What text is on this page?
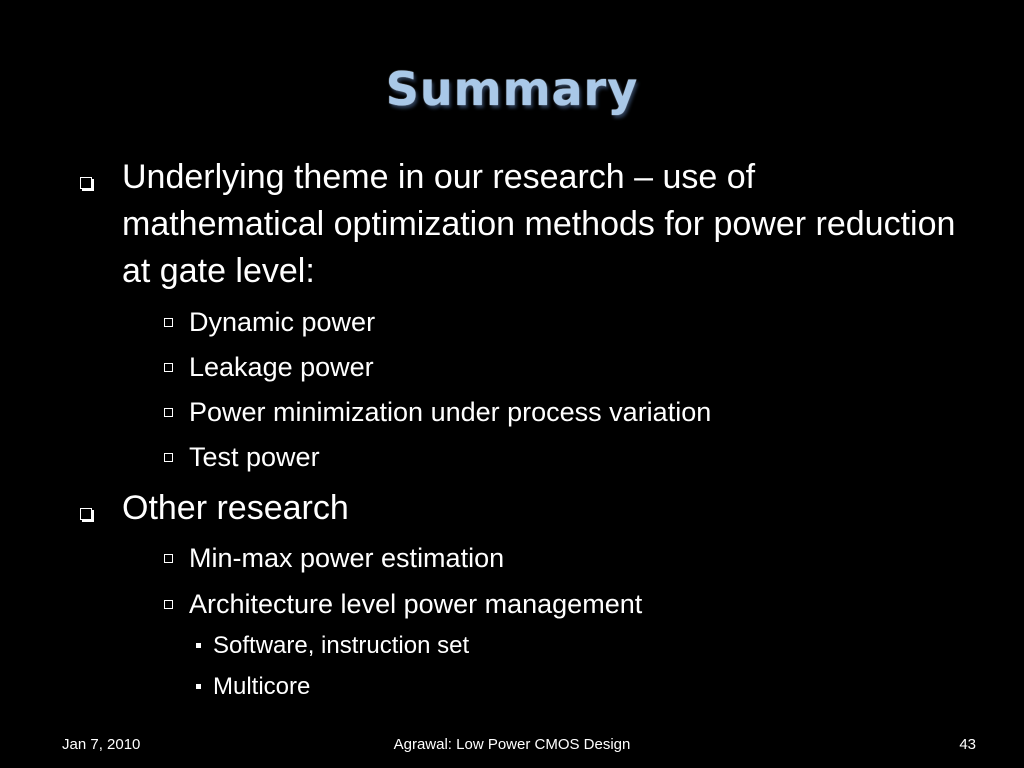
Summary
Underlying theme in our research – use of mathematical optimization methods for power reduction at gate level:
Dynamic power
Leakage power
Power minimization under process variation
Test power
Other research
Min-max power estimation
Architecture level power management
Software, instruction set
Multicore
Jan 7, 2010	Agrawal: Low Power CMOS Design	43
